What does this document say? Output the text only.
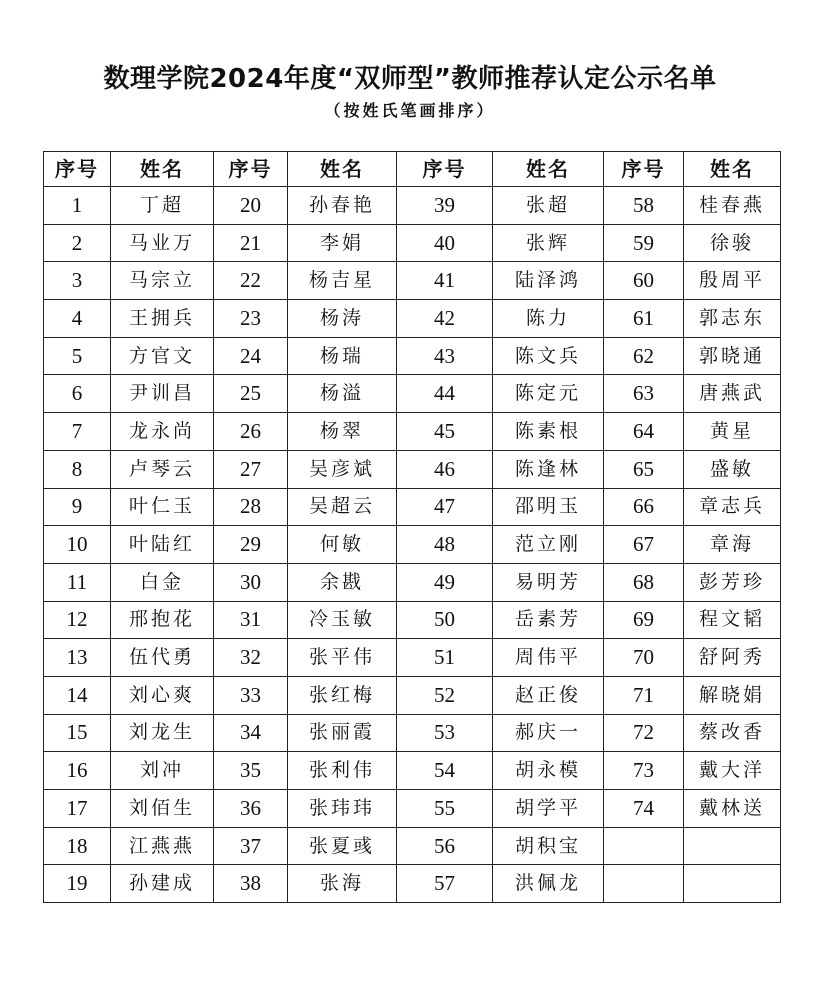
数理学院2024年度“双师型”教师推荐认定公示名单
（按姓氏笔画排序）
序号	姓名	序号	姓名	序号	姓名	序号	姓名
1	丁超	20	孙春艳	39	张超	58	桂春燕
2	马业万	21	李娟	40	张辉	59	徐骏
3	马宗立	22	杨吉星	41	陆泽鸿	60	殷周平
4	王拥兵	23	杨涛	42	陈力	61	郭志东
5	方官文	24	杨瑞	43	陈文兵	62	郭晓通
6	尹训昌	25	杨溢	44	陈定元	63	唐燕武
7	龙永尚	26	杨翠	45	陈素根	64	黄星
8	卢琴云	27	吴彦斌	46	陈逢林	65	盛敏
9	叶仁玉	28	吴超云	47	邵明玉	66	章志兵
10	叶陆红	29	何敏	48	范立刚	67	章海
11	白金	30	余戡	49	易明芳	68	彭芳珍
12	邢抱花	31	冷玉敏	50	岳素芳	69	程文韬
13	伍代勇	32	张平伟	51	周伟平	70	舒阿秀
14	刘心爽	33	张红梅	52	赵正俊	71	解晓娟
15	刘龙生	34	张丽霞	53	郝庆一	72	蔡改香
16	刘冲	35	张利伟	54	胡永模	73	戴大洋
17	刘佰生	36	张玮玮	55	胡学平	74	戴林送
18	江燕燕	37	张夏彧	56	胡积宝		
19	孙建成	38	张海	57	洪佩龙		
